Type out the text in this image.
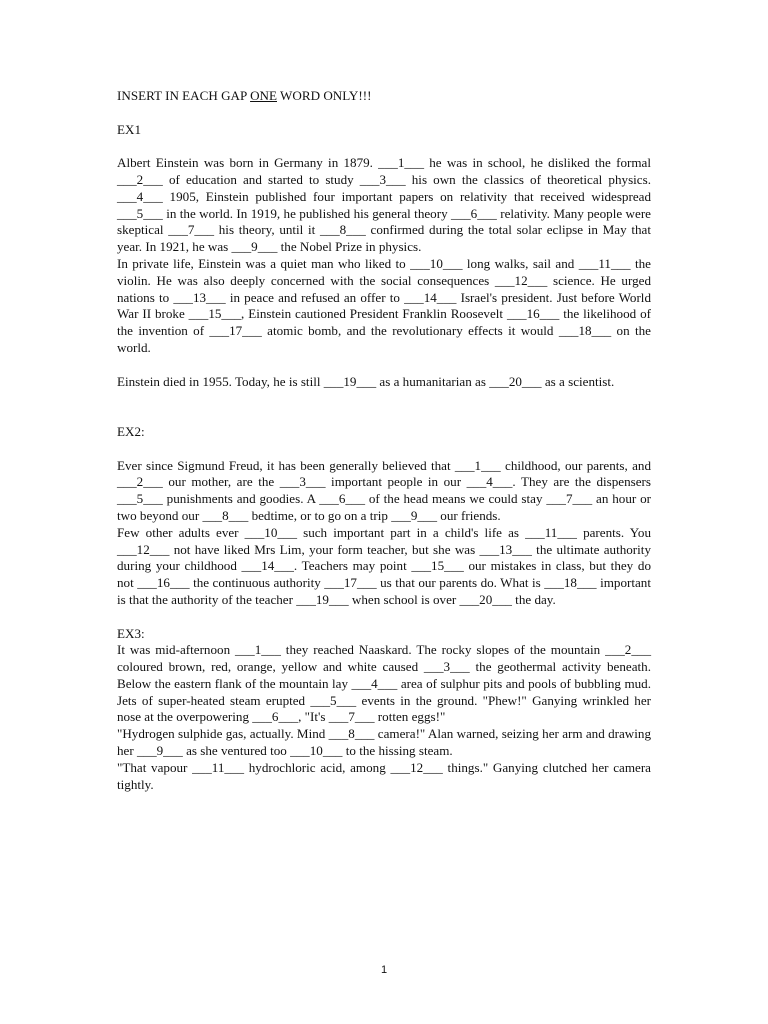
INSERT IN EACH GAP ONE WORD ONLY!!!
EX1

Albert Einstein was born in Germany in 1879. ___1___ he was in school, he disliked the formal ___2___ of education and started to study ___3___ his own the classics of theoretical physics. ___4___ 1905, Einstein published four important papers on relativity that received widespread ___5___ in the world. In 1919, he published his general theory ___6___ relativity. Many people were skeptical ___7___ his theory, until it ___8___ confirmed during the total solar eclipse in May that year. In 1921, he was ___9___ the Nobel Prize in physics.

In private life, Einstein was a quiet man who liked to ___10___ long walks, sail and ___11___ the violin. He was also deeply concerned with the social consequences ___12___ science. He urged nations to ___13___ in peace and refused an offer to ___14___ Israel's president. Just before World War II broke ___15___, Einstein cautioned President Franklin Roosevelt ___16___ the likelihood of the invention of ___17___ atomic bomb, and the revolutionary effects it would ___18___ on the world.

Einstein died in 1955. Today, he is still ___19___ as a humanitarian as ___20___ as a scientist.

EX2:

Ever since Sigmund Freud, it has been generally believed that ___1___ childhood, our parents, and ___2___ our mother, are the ___3___ important people in our ___4___. They are the dispensers ___5___ punishments and goodies. A ___6___ of the head means we could stay ___7___ an hour or two beyond our ___8___ bedtime, or to go on a trip ___9___ our friends.

Few other adults ever ___10___ such important part in a child's life as ___11___ parents. You ___12___ not have liked Mrs Lim, your form teacher, but she was ___13___ the ultimate authority during your childhood ___14___. Teachers may point ___15___ our mistakes in class, but they do not ___16___ the continuous authority ___17___ us that our parents do. What is ___18___ important is that the authority of the teacher ___19___ when school is over ___20___ the day.

EX3:

It was mid-afternoon ___1___ they reached Naaskard. The rocky slopes of the mountain ___2___ coloured brown, red, orange, yellow and white caused ___3___ the geothermal activity beneath. Below the eastern flank of the mountain lay ___4___ area of sulphur pits and pools of bubbling mud. Jets of super-heated steam erupted ___5___ events in the ground. "Phew!" Ganying wrinkled her nose at the overpowering ___6___, "It's ___7___ rotten eggs!"

"Hydrogen sulphide gas, actually. Mind ___8___ camera!" Alan warned, seizing her arm and drawing her ___9___ as she ventured too ___10___ to the hissing steam.

"That vapour ___11___ hydrochloric acid, among ___12___ things." Ganying clutched her camera tightly.

1
